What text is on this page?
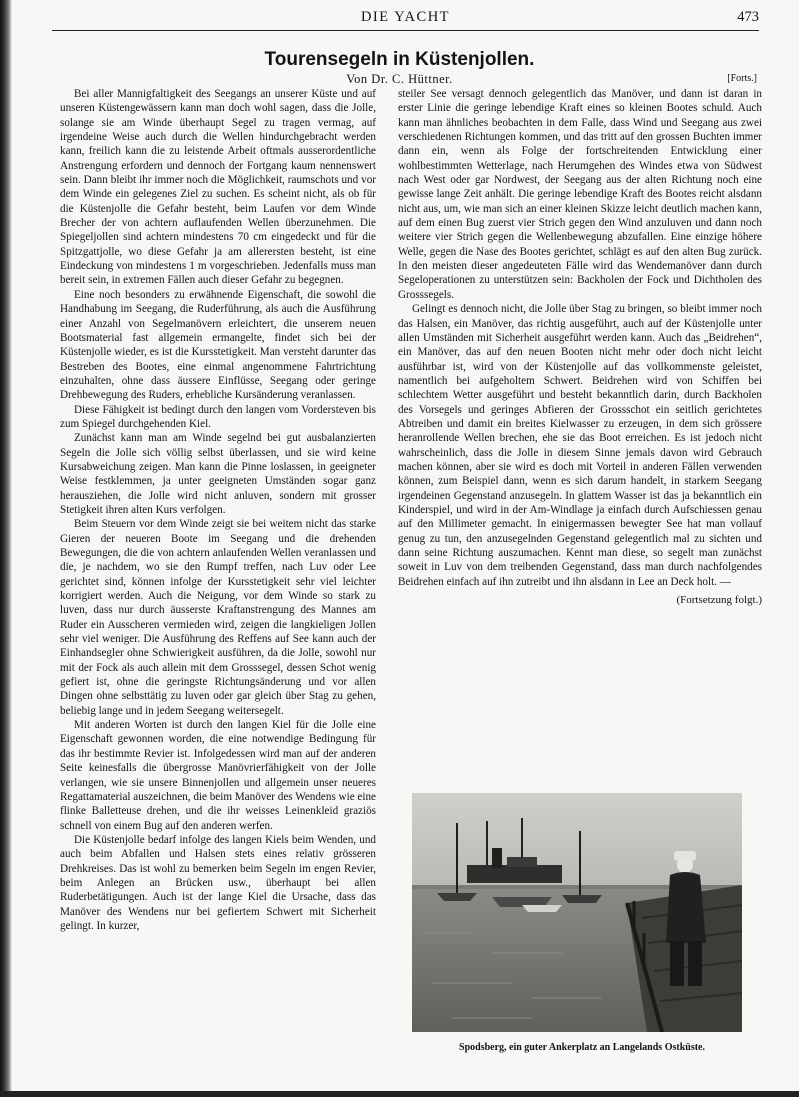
DIE YACHT	473
Tourensegeln in Küstenjollen.
Von Dr. C. Hüttner.	[Forts.]

Bei aller Mannigfaltigkeit des Seegangs an unserer Küste und auf unseren Küstengewässern kann man doch wohl sagen, dass die Jolle, solange sie am Winde überhaupt Segel zu tragen vermag, auf irgendeine Weise auch durch die Wellen hindurchgebracht werden kann, freilich kann die zu leistende Arbeit oftmals ausserordentliche Anstrengung erfordern und dennoch der Fortgang kaum nennenswert sein. Dann bleibt ihr immer noch die Möglichkeit, raumschots und vor dem Winde ein gelegenes Ziel zu suchen. Es scheint nicht, als ob für die Küstenjolle die Gefahr besteht, beim Laufen vor dem Winde Brecher der von achtern auflaufenden Wellen überzunehmen. Die Spiegeljollen sind achtern mindestens 70 cm eingedeckt und für die Spitzgattjolle, wo diese Gefahr ja am allerersten besteht, ist eine Eindeckung von mindestens 1 m vorgeschrieben. Jedenfalls muss man bereit sein, in extremen Fällen auch dieser Gefahr zu begegnen.

Eine noch besonders zu erwähnende Eigenschaft, die sowohl die Handhabung im Seegang, die Ruderführung, als auch die Ausführung einer Anzahl von Segelmanövern erleichtert, die unserem neuen Bootsmaterial fast allgemein ermangelte, findet sich bei der Küstenjolle wieder, es ist die Kursstetigkeit. Man versteht darunter das Bestreben des Bootes, eine einmal angenommene Fahrtrichtung einzuhalten, ohne dass äussere Einflüsse, Seegang oder geringe Drehbewegung des Ruders, erhebliche Kursänderung veranlassen.

Diese Fähigkeit ist bedingt durch den langen vom Vordersteven bis zum Spiegel durchgehenden Kiel.

Zunächst kann man am Winde segelnd bei gut ausbalanzierten Segeln die Jolle sich völlig selbst überlassen, und sie wird keine Kursabweichung zeigen. Man kann die Pinne loslassen, in geeigneter Weise festklemmen, ja unter geeigneten Umständen sogar ganz herausziehen, die Jolle wird nicht anluven, sondern mit grosser Stetigkeit ihren alten Kurs verfolgen.

Beim Steuern vor dem Winde zeigt sie bei weitem nicht das starke Gieren der neueren Boote im Seegang und die drehenden Bewegungen, die die von achtern anlaufenden Wellen veranlassen und die, je nachdem, wo sie den Rumpf treffen, nach Luv oder Lee gerichtet sind, können infolge der Kursstetigkeit sehr viel leichter korrigiert werden. Auch die Neigung, vor dem Winde so stark zu luven, dass nur durch äusserste Kraftanstrengung des Mannes am Ruder ein Ausscheren vermieden wird, zeigen die langkieligen Jollen sehr viel weniger. Die Ausführung des Reffens auf See kann auch der Einhandsegler ohne Schwierigkeit ausführen, da die Jolle, sowohl nur mit der Fock als auch allein mit dem Grosssegel, dessen Schot wenig gefiert ist, ohne die geringste Richtungsänderung und vor allen Dingen ohne selbsttätig zu luven oder gar gleich über Stag zu gehen, beliebig lange und in jedem Seegang weitersegelt.

Mit anderen Worten ist durch den langen Kiel für die Jolle eine Eigenschaft gewonnen worden, die eine notwendige Bedingung für das ihr bestimmte Revier ist. Infolgedessen wird man auf der anderen Seite keinesfalls die übergrosse Manövrierfähigkeit von der Jolle verlangen, wie sie unsere Binnenjollen und allgemein unser neueres Regattamaterial auszeichnen, die beim Manöver des Wendens wie eine flinke Balletteuse drehen, und die ihr weisses Leinenkleid graziös schnell von einem Bug auf den anderen werfen.

Die Küstenjolle bedarf infolge des langen Kiels beim Wenden, und auch beim Abfallen und Halsen stets eines relativ grösseren Drehkreises. Das ist wohl zu bemerken beim Segeln im engen Revier, beim Anlegen an Brücken usw., überhaupt bei allen Ruderbetätigungen. Auch ist der lange Kiel die Ursache, dass das Manöver des Wendens nur bei gefiertem Schwert mit Sicherheit gelingt. In kurzer,

steiler See versagt dennoch gelegentlich das Manöver, und dann ist daran in erster Linie die geringe lebendige Kraft eines so kleinen Bootes schuld. Auch kann man ähnliches beobachten in dem Falle, dass Wind und Seegang aus zwei verschiedenen Richtungen kommen, und das tritt auf den grossen Buchten immer dann ein, wenn als Folge der fortschreitenden Entwicklung einer wohlbestimmten Wetterlage, nach Herumgehen des Windes etwa von Südwest nach West oder gar Nordwest, der Seegang aus der alten Richtung noch eine gewisse lange Zeit anhält. Die geringe lebendige Kraft des Bootes reicht alsdann nicht aus, um, wie man sich an einer kleinen Skizze leicht deutlich machen kann, auf dem einen Bug zuerst vier Strich gegen den Wind anzuluven und dann noch weitere vier Strich gegen die Wellenbewegung abzufallen. Eine einzige höhere Welle, gegen die Nase des Bootes gerichtet, schlägt es auf den alten Bug zurück. In den meisten dieser angedeuteten Fälle wird das Wendemanöver dann durch Segeloperationen zu unterstützen sein: Backholen der Fock und Dichtholen des Grosssegels.

Gelingt es dennoch nicht, die Jolle über Stag zu bringen, so bleibt immer noch das Halsen, ein Manöver, das richtig ausgeführt, auch auf der Küstenjolle unter allen Umständen mit Sicherheit ausgeführt werden kann. Auch das „Beidrehen“, ein Manöver, das auf den neuen Booten nicht mehr oder doch nicht leicht ausführbar ist, wird von der Küstenjolle auf das vollkommenste geleistet, namentlich bei aufgeholtem Schwert. Beidrehen wird von Schiffen bei schlechtem Wetter ausgeführt und besteht bekanntlich darin, durch Backholen des Vorsegels und geringes Abfieren der Grossschot ein seitlich gerichtetes Abtreiben und damit ein breites Kielwasser zu erzeugen, in dem sich grössere heranrollende Wellen brechen, ehe sie das Boot erreichen. Es ist jedoch nicht wahrscheinlich, dass die Jolle in diesem Sinne jemals davon wird Gebrauch machen können, aber sie wird es doch mit Vorteil in anderen Fällen verwenden können, zum Beispiel dann, wenn es sich darum handelt, in starkem Seegang irgendeinen Gegenstand anzusegeln. In glattem Wasser ist das ja bekanntlich ein Kinderspiel, und wird in der Am-Windlage ja einfach durch Aufschiessen genau auf den Millimeter gemacht. In einigermassen bewegter See hat man vollauf genug zu tun, den anzusegelnden Gegenstand gelegentlich mal zu sichten und dann seine Richtung auszumachen. Kennt man diese, so segelt man zunächst soweit in Luv von dem treibenden Gegenstand, dass man durch nachfolgendes Beidrehen einfach auf ihn zutreibt und ihn alsdann in Lee an Deck holt. —

(Fortsetzung folgt.)

Spodsberg, ein guter Ankerplatz an Langelands Ostküste.
